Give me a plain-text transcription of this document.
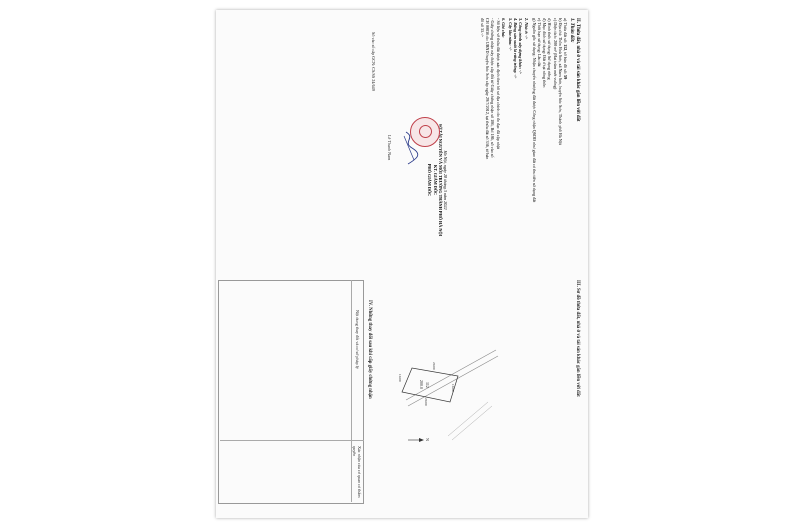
II. Thửa đất, nhà ở và tài sản khác gắn liền với đất
1. Thửa đất:
a) Thửa đất số: 112, tờ bản đồ số: 59
b) Địa chỉ: Thôn Hoà Sơn, xã Nam Sơn, huyện Sóc Sơn, Thành phố Hà Nội
c) Diện tích: 200 m² (Hai trăm mét vuông)
d) Hình thức sử dụng: Sử dụng riêng
đ) Mục đích sử dụng: Đất ở tại nông thôn
e) Thời hạn sử dụng: Lâu dài
g) Nguồn gốc sử dụng: Nhận chuyển nhượng đất được Công nhận QSDĐ như giao đất có thu tiền sử dụng đất
2. Nhà ở: -/-
3. Công trình xây dựng khác: -/-
4. Rừng sản xuất là rừng trồng: -/-
5. Cây lâu năm: -/-
6. Ghi chú:
- Số liệu về thửa đất được xác định theo hồ sơ địa chính do đo đạc đã cập nhật
- Giấy chứng nhận này được cấp đổi từ Giấy chứng nhận số 186, Bd 186, số vào sổ
CH 00836 do UBND huyện Sóc Sơn cấp ngày 29/7/2012, tại thửa đất số 336, tờ bản
đồ số 35.-/-
Hà Nội, ngày 28 tháng 3 năm 2022
SỞ TÀI NGUYÊN VÀ MÔI TRƯỜNG THÀNH PHỐ HÀ NỘI
KT. GIÁM ĐỐC
PHÓ GIÁM ĐỐC
Lê Thanh Nam
Số vào sổ cấp GCN: CS/SS 24/649
III. Sơ đồ thửa đất, nhà ở và tài sản khác gắn liền với đất
112
200.0	10.00
10.00
20.00
20.00
N
IV. Những thay đổi sau khi cấp giấy chứng nhận
Nội dung thay đổi và cơ sở pháp lý
Xác nhận của cơ quan có thẩm quyền
